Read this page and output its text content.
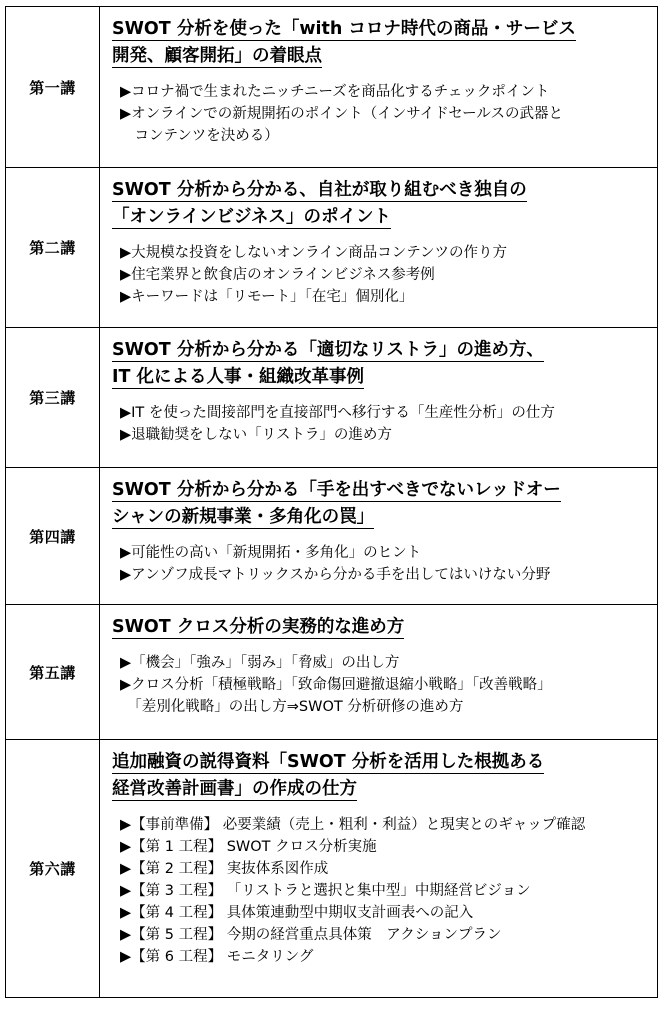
第一講
SWOT 分析を使った「with コロナ時代の商品・サービス
開発、顧客開拓」の着眼点
▶コロナ禍で生まれたニッチニーズを商品化するチェックポイント
▶オンラインでの新規開拓のポイント（インサイドセールスの武器と
　コンテンツを決める）
第二講
SWOT 分析から分かる、自社が取り組むべき独自の
「オンラインビジネス」のポイント
▶大規模な投資をしないオンライン商品コンテンツの作り方
▶住宅業界と飲食店のオンラインビジネス参考例
▶キーワードは「リモート」「在宅」個別化」
第三講
SWOT 分析から分かる「適切なリストラ」の進め方、
IT 化による人事・組織改革事例
▶IT を使った間接部門を直接部門へ移行する「生産性分析」の仕方
▶退職勧奨をしない「リストラ」の進め方
第四講
SWOT 分析から分かる「手を出すべきでないレッドオー
シャンの新規事業・多角化の罠」
▶可能性の高い「新規開拓・多角化」のヒント
▶アンゾフ成長マトリックスから分かる手を出してはいけない分野
第五講
SWOT クロス分析の実務的な進め方
▶「機会」「強み」「弱み」「脅威」の出し方
▶クロス分析「積極戦略」「致命傷回避撤退縮小戦略」「改善戦略」
　「差別化戦略」の出し方⇒SWOT 分析研修の進め方
第六講
追加融資の説得資料「SWOT 分析を活用した根拠ある
経営改善計画書」の作成の仕方
▶【事前準備】 必要業績（売上・粗利・利益）と現実とのギャップ確認
▶【第 1 工程】 SWOT クロス分析実施
▶【第 2 工程】 実抜体系図作成
▶【第 3 工程】 「リストラと選択と集中型」中期経営ビジョン
▶【第 4 工程】 具体策連動型中期収支計画表への記入
▶【第 5 工程】 今期の経営重点具体策　アクションプラン
▶【第 6 工程】 モニタリング
